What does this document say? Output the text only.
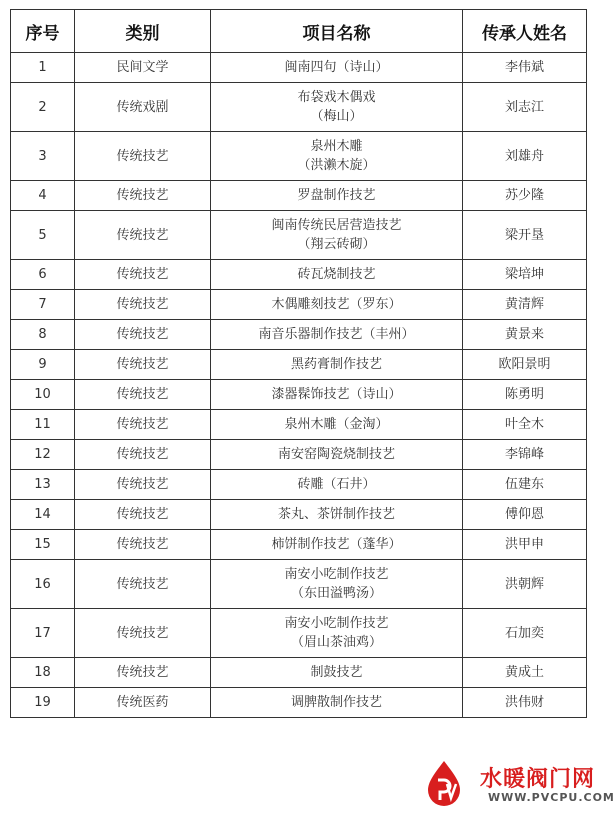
序号	类别	项目名称	传承人姓名
1	民间文学	闽南四句（诗山）	李伟斌
2	传统戏剧	布袋戏木偶戏
（梅山）	刘志江
3	传统技艺	泉州木雕
（洪濑木旋）	刘雄舟
4	传统技艺	罗盘制作技艺	苏少隆
5	传统技艺	闽南传统民居营造技艺
（翔云砖砌）	梁开垦
6	传统技艺	砖瓦烧制技艺	梁培坤
7	传统技艺	木偶雕刻技艺（罗东）	黄清辉
8	传统技艺	南音乐器制作技艺（丰州）	黄景来
9	传统技艺	黑药膏制作技艺	欧阳景明
10	传统技艺	漆器髹饰技艺（诗山）	陈勇明
11	传统技艺	泉州木雕（金淘）	叶全木
12	传统技艺	南安窑陶瓷烧制技艺	李锦峰
13	传统技艺	砖雕（石井）	伍建东
14	传统技艺	茶丸、茶饼制作技艺	傅仰恩
15	传统技艺	柿饼制作技艺（蓬华）	洪甲申
16	传统技艺	南安小吃制作技艺
（东田溢鸭汤）	洪朝辉
17	传统技艺	南安小吃制作技艺
（眉山茶油鸡）	石加奕
18	传统技艺	制鼓技艺	黄成土
19	传统医药	调脾散制作技艺	洪伟财
水暖阀门网
WWW.PVCPU.COM
